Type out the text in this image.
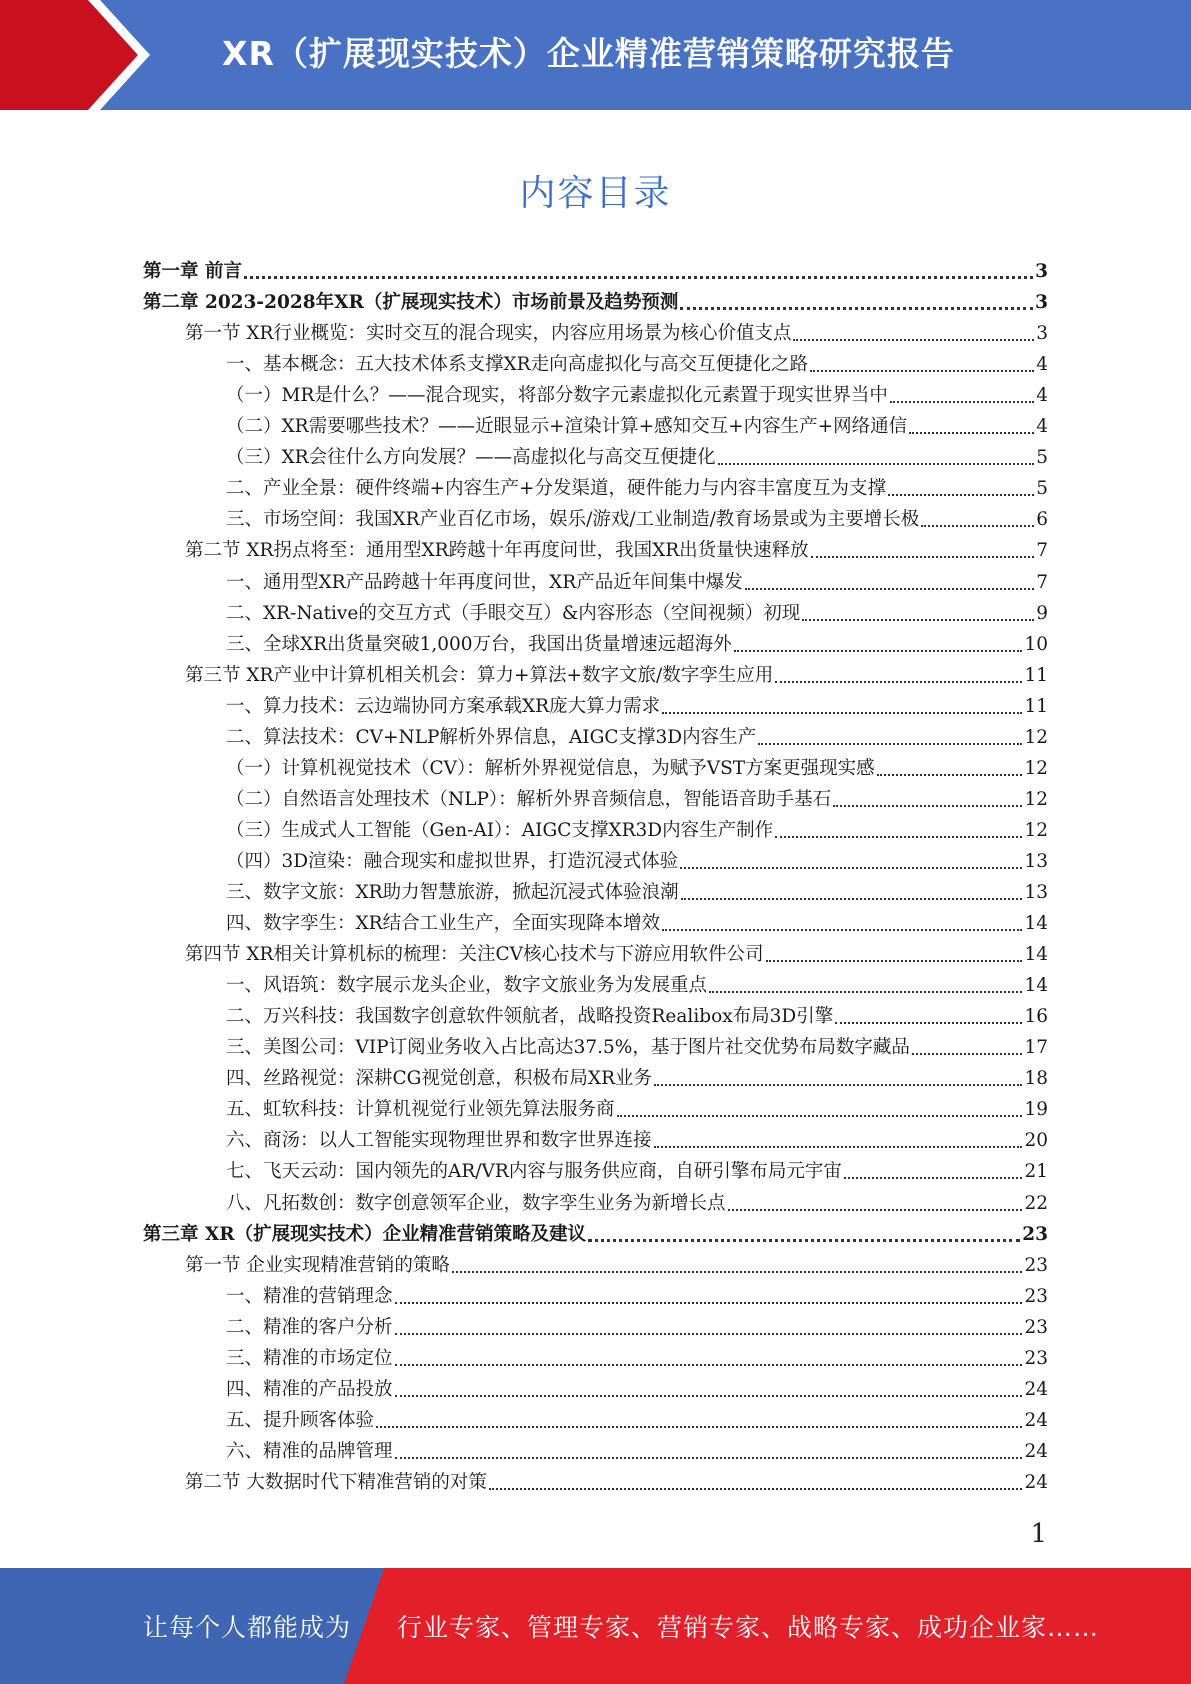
XR（扩展现实技术）企业精准营销策略研究报告
内容目录
第一章 前言	3
第二章 2023-2028年XR（扩展现实技术）市场前景及趋势预测	3
第一节 XR行业概览：实时交互的混合现实，内容应用场景为核心价值支点	3
一、基本概念：五大技术体系支撑XR走向高虚拟化与高交互便捷化之路	4
（一）MR是什么？——混合现实，将部分数字元素虚拟化元素置于现实世界当中	4
（二）XR需要哪些技术？——近眼显示+渲染计算+感知交互+内容生产+网络通信	4
（三）XR会往什么方向发展？——高虚拟化与高交互便捷化	5
二、产业全景：硬件终端+内容生产+分发渠道，硬件能力与内容丰富度互为支撑	5
三、市场空间：我国XR产业百亿市场，娱乐/游戏/工业制造/教育场景或为主要增长极	6
第二节 XR拐点将至：通用型XR跨越十年再度问世，我国XR出货量快速释放	7
一、通用型XR产品跨越十年再度问世，XR产品近年间集中爆发	7
二、XR-Native的交互方式（手眼交互）&内容形态（空间视频）初现	9
三、全球XR出货量突破1,000万台，我国出货量增速远超海外	10
第三节 XR产业中计算机相关机会：算力+算法+数字文旅/数字孪生应用	11
一、算力技术：云边端协同方案承载XR庞大算力需求	11
二、算法技术：CV+NLP解析外界信息，AIGC支撑3D内容生产	12
（一）计算机视觉技术（CV）：解析外界视觉信息，为赋予VST方案更强现实感	12
（二）自然语言处理技术（NLP）：解析外界音频信息，智能语音助手基石	12
（三）生成式人工智能（Gen-AI）：AIGC支撑XR3D内容生产制作	12
（四）3D渲染：融合现实和虚拟世界，打造沉浸式体验	13
三、数字文旅：XR助力智慧旅游，掀起沉浸式体验浪潮	13
四、数字孪生：XR结合工业生产，全面实现降本增效	14
第四节 XR相关计算机标的梳理：关注CV核心技术与下游应用软件公司	14
一、风语筑：数字展示龙头企业，数字文旅业务为发展重点	14
二、万兴科技：我国数字创意软件领航者，战略投资Realibox布局3D引擎	16
三、美图公司：VIP订阅业务收入占比高达37.5%，基于图片社交优势布局数字藏品	17
四、丝路视觉：深耕CG视觉创意，积极布局XR业务	18
五、虹软科技：计算机视觉行业领先算法服务商	19
六、商汤：以人工智能实现物理世界和数字世界连接	20
七、飞天云动：国内领先的AR/VR内容与服务供应商，自研引擎布局元宇宙	21
八、凡拓数创：数字创意领军企业，数字孪生业务为新增长点	22
第三章 XR（扩展现实技术）企业精准营销策略及建议	23
第一节 企业实现精准营销的策略	23
一、精准的营销理念	23
二、精准的客户分析	23
三、精准的市场定位	23
四、精准的产品投放	24
五、提升顾客体验	24
六、精准的品牌管理	24
第二节 大数据时代下精准营销的对策	24
1
让每个人都能成为 行业专家、管理专家、营销专家、战略专家、成功企业家……
